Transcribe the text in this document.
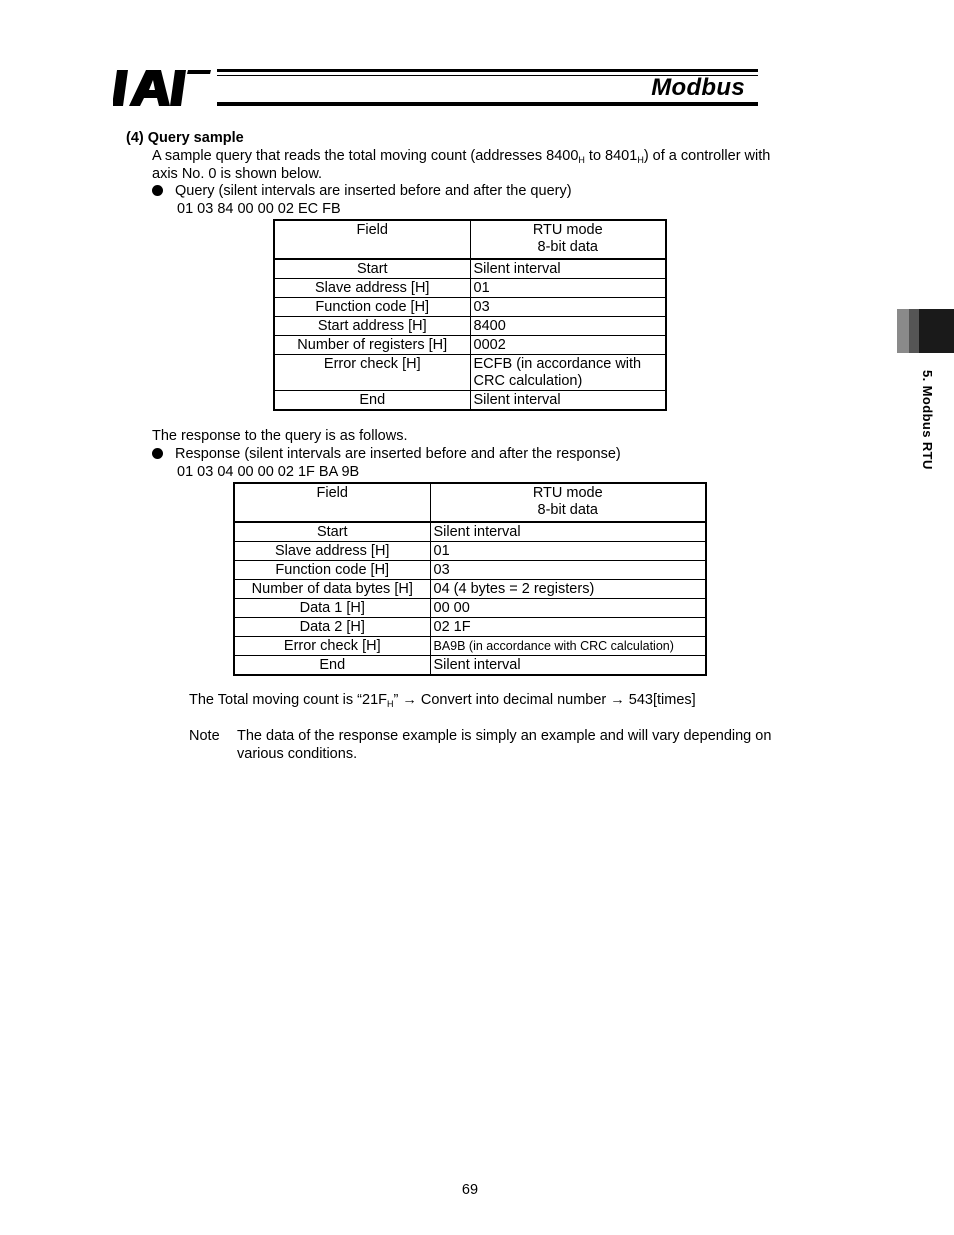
Modbus
5. Modbus RTU
(4) Query sample
A sample query that reads the total moving count (addresses $8400_H$ to $8401_H$) of a controller with
axis No. 0 is shown below.
Query (silent intervals are inserted before and after the query)
01 03 84 00 00 02 EC FB
Field	RTU mode
8-bit data

Start	Silent interval
Slave address [H]	01
Function code [H]	03
Start address [H]	8400
Number of registers [H]	0002
Error check [H]	ECFB (in accordance with
CRC calculation)

End	Silent interval
The response to the query is as follows.
Response (silent intervals are inserted before and after the response)
01 03 04 00 00 02 1F BA 9B
Field	RTU mode
8-bit data

Start	Silent interval
Slave address [H]	01
Function code [H]	03
Number of data bytes [H]	04 (4 bytes = 2 registers)
Data 1 [H]	00 00
Data 2 [H]	02 1F
Error check [H]	BA9B (in accordance with CRC calculation)
End	Silent interval
The Total moving count is “$21F_H$” → Convert into decimal number → 543[times]
Note The data of the response example is simply an example and will vary depending on
various conditions.
69
